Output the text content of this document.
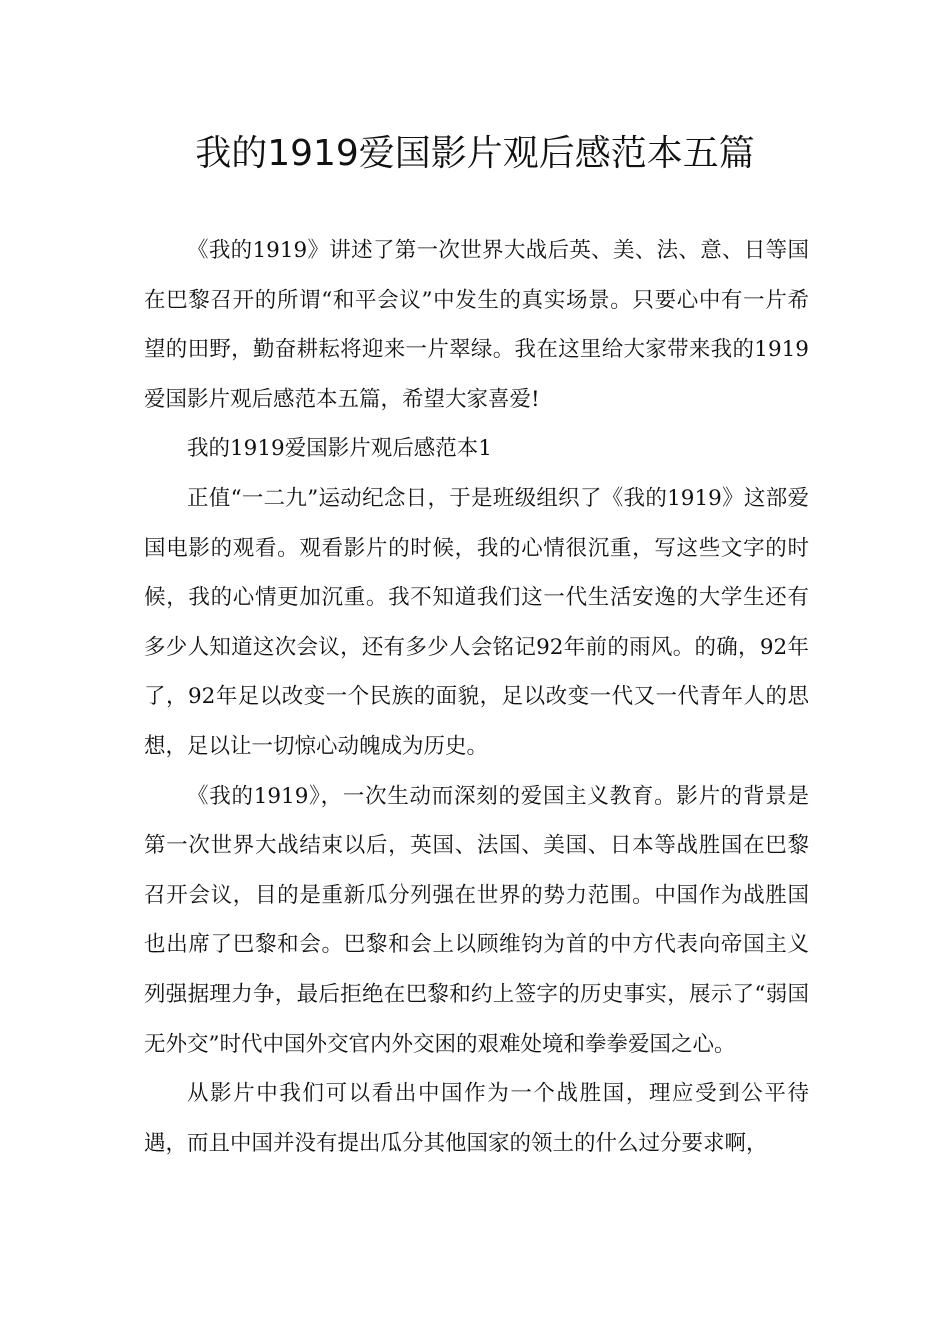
我的1919爱国影片观后感范本五篇

《我的1919》讲述了第一次世界大战后英、美、法、意、日等国在巴黎召开的所谓“和平会议”中发生的真实场景。只要心中有一片希望的田野，勤奋耕耘将迎来一片翠绿。我在这里给大家带来我的1919爱国影片观后感范本五篇，希望大家喜爱!

我的1919爱国影片观后感范本1

正值“一二九”运动纪念日，于是班级组织了《我的1919》这部爱国电影的观看。观看影片的时候，我的心情很沉重，写这些文字的时候，我的心情更加沉重。我不知道我们这一代生活安逸的大学生还有多少人知道这次会议，还有多少人会铭记92年前的雨风。的确，92年了，92年足以改变一个民族的面貌，足以改变一代又一代青年人的思想，足以让一切惊心动魄成为历史。

《我的1919》，一次生动而深刻的爱国主义教育。影片的背景是第一次世界大战结束以后，英国、法国、美国、日本等战胜国在巴黎召开会议，目的是重新瓜分列强在世界的势力范围。中国作为战胜国也出席了巴黎和会。巴黎和会上以顾维钧为首的中方代表向帝国主义列强据理力争，最后拒绝在巴黎和约上签字的历史事实，展示了“弱国无外交”时代中国外交官内外交困的艰难处境和拳拳爱国之心。

从影片中我们可以看出中国作为一个战胜国，理应受到公平待遇，而且中国并没有提出瓜分其他国家的领土的什么过分要求啊，
